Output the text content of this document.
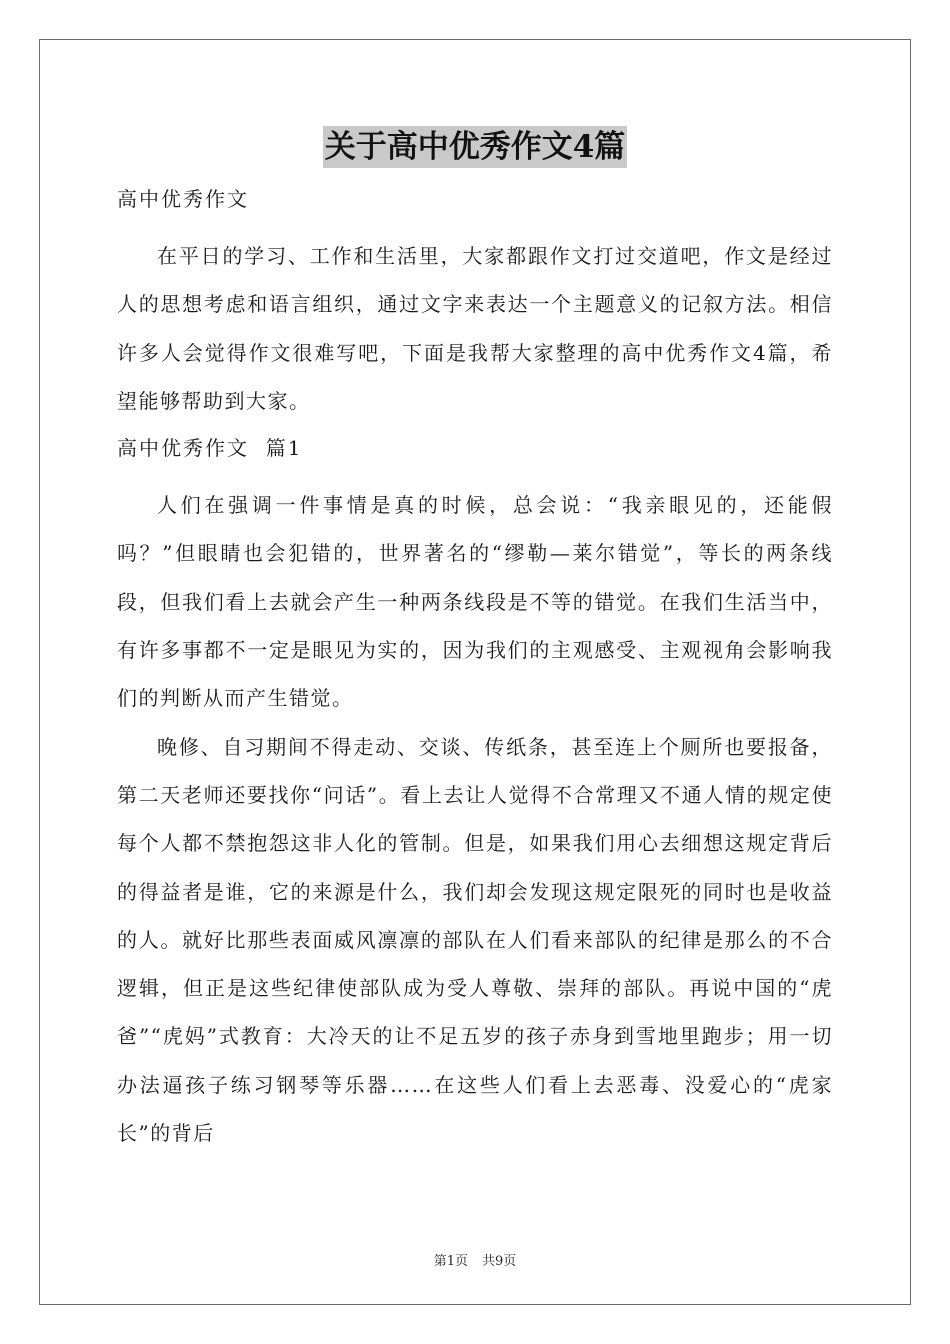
关于高中优秀作文4篇

高中优秀作文

在平日的学习、工作和生活里，大家都跟作文打过交道吧，作文是经过人的思想考虑和语言组织，通过文字来表达一个主题意义的记叙方法。相信许多人会觉得作文很难写吧，下面是我帮大家整理的高中优秀作文4篇，希望能够帮助到大家。

高中优秀作文  篇1

人们在强调一件事情是真的时候，总会说：“我亲眼见的，还能假吗？”但眼睛也会犯错的，世界著名的“缪勒—莱尔错觉”，等长的两条线段，但我们看上去就会产生一种两条线段是不等的错觉。在我们生活当中，有许多事都不一定是眼见为实的，因为我们的主观感受、主观视角会影响我们的判断从而产生错觉。

晚修、自习期间不得走动、交谈、传纸条，甚至连上个厕所也要报备，第二天老师还要找你“问话”。看上去让人觉得不合常理又不通人情的规定使每个人都不禁抱怨这非人化的管制。但是，如果我们用心去细想这规定背后的得益者是谁，它的来源是什么，我们却会发现这规定限死的同时也是收益的人。就好比那些表面威风凛凛的部队在人们看来部队的纪律是那么的不合逻辑，但正是这些纪律使部队成为受人尊敬、崇拜的部队。再说中国的“虎爸”“虎妈”式教育：大冷天的让不足五岁的孩子赤身到雪地里跑步；用一切办法逼孩子练习钢琴等乐器……在这些人们看上去恶毒、没爱心的“虎家长”的背后

第1页 共9页
